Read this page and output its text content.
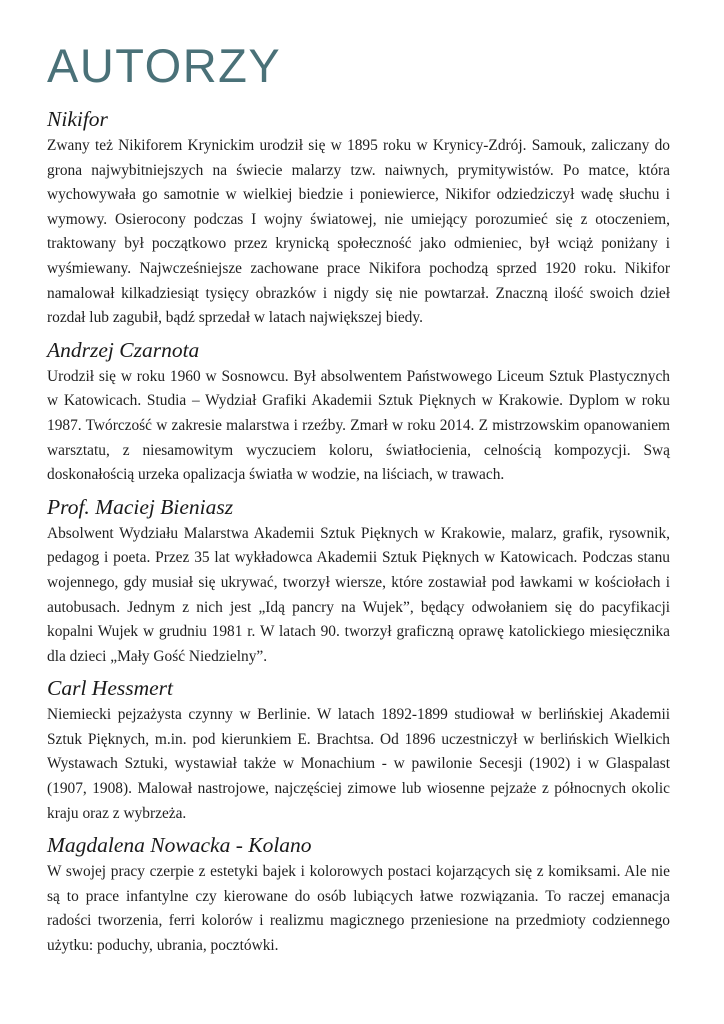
AUTORZY
Nikifor

Zwany też Nikiforem Krynickim urodził się w 1895 roku w Krynicy-Zdrój. Samouk, zaliczany do grona najwybitniejszych na świecie malarzy tzw. naiwnych, prymitywistów. Po matce, która wychowywała go samotnie w wielkiej biedzie i poniewierce, Nikifor odziedziczył wadę słuchu i wymowy. Osierocony podczas I wojny światowej, nie umiejący porozumieć się z otoczeniem, traktowany był początkowo przez krynicką społeczność jako odmieniec, był wciąż poniżany i wyśmiewany. Najwcześniejsze zachowane prace Nikifora pochodzą sprzed 1920 roku. Nikifor namalował kilkadziesiąt tysięcy obrazków i nigdy się nie powtarzał. Znaczną ilość swoich dzieł rozdał lub zagubił, bądź sprzedał w latach największej biedy.

Andrzej Czarnota

Urodził się w roku 1960 w Sosnowcu. Był absolwentem Państwowego Liceum Sztuk Plastycznych w Katowicach. Studia – Wydział Grafiki Akademii Sztuk Pięknych w Krakowie. Dyplom w roku 1987. Twórczość w zakresie malarstwa i rzeźby. Zmarł w roku 2014. Z mistrzowskim opanowaniem warsztatu, z niesamowitym wyczuciem koloru, światłocienia, celnością kompozycji. Swą doskonałością urzeka opalizacja światła w wodzie, na liściach, w trawach.

Prof. Maciej Bieniasz

Absolwent Wydziału Malarstwa Akademii Sztuk Pięknych w Krakowie, malarz, grafik, rysownik, pedagog i poeta. Przez 35 lat wykładowca Akademii Sztuk Pięknych w Katowicach. Podczas stanu wojennego, gdy musiał się ukrywać, tworzył wiersze, które zostawiał pod ławkami w kościołach i autobusach. Jednym z nich jest „Idą pancry na Wujek”, będący odwołaniem się do pacyfikacji kopalni Wujek w grudniu 1981 r. W latach 90. tworzył graficzną oprawę katolickiego miesięcznika dla dzieci „Mały Gość Niedzielny”.

Carl Hessmert

Niemiecki pejzażysta czynny w Berlinie. W latach 1892-1899 studiował w berlińskiej Akademii Sztuk Pięknych, m.in. pod kierunkiem E. Brachtsa. Od 1896 uczestniczył w berlińskich Wielkich Wystawach Sztuki, wystawiał także w Monachium - w pawilonie Secesji (1902) i w Glaspalast (1907, 1908). Malował nastrojowe, najczęściej zimowe lub wiosenne pejzaże z północnych okolic kraju oraz z wybrzeża.

Magdalena Nowacka - Kolano

W swojej pracy czerpie z estetyki bajek i kolorowych postaci kojarzących się z komiksami. Ale nie są to prace infantylne czy kierowane do osób lubiących łatwe rozwiązania. To raczej emanacja radości tworzenia, ferri kolorów i realizmu magicznego przeniesione na przedmioty codziennego użytku: poduchy, ubrania, pocztówki.
